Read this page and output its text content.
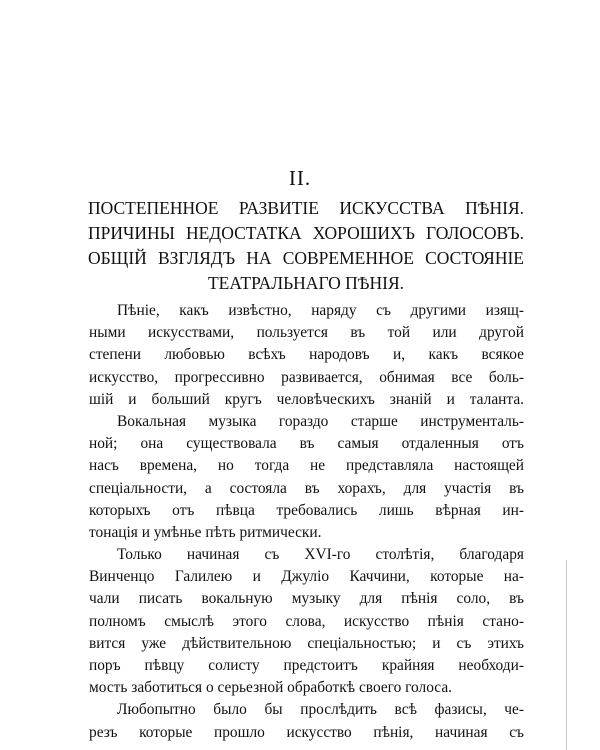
II.
ПОСТЕПЕННОЕ РАЗВИТІЕ ИСКУССТВА ПѢНІЯ.
ПРИЧИНЫ НЕДОСТАТКА ХОРОШИХЪ ГОЛОСОВЪ.
ОБЩІЙ ВЗГЛЯДЪ НА СОВРЕМЕННОЕ СОСТОЯНІЕ
ТЕАТРАЛЬНАГО ПѢНІЯ.
Пѣніе, какъ извѣстно, наряду съ другими изящ-
ными искусствами, пользуется въ той или другой
степени любовью всѣхъ народовъ и, какъ всякое
искусство, прогрессивно развивается, обнимая все боль-
шій и больший кругъ человѣческихъ знаній и таланта.
Вокальная музыка гораздо старше инструменталь-
ной; она существовала въ самыя отдаленныя отъ
насъ времена, но тогда не представляла настоящей
спеціальности, а состояла въ хорахъ, для участія въ
которыхъ отъ пѣвца требовались лишь вѣрная ин-
тонація и умѣнье пѣть ритмически.
Только начиная съ XVI-го столѣтія, благодаря
Винченцо Галилею и Джуліо Каччини, которые на-
чали писать вокальную музыку для пѣнія соло, въ
полномъ смыслѣ этого слова, искусство пѣнія стано-
вится уже дѣйствительною спеціальностью; и съ этихъ
поръ пѣвцу солисту предстоитъ крайняя необходи-
мость заботиться о серьезной обработкѣ своего голоса.
Любопытно было бы прослѣдить всѣ фазисы, че-
резъ которые прошло искусство пѣнія, начиная съ
